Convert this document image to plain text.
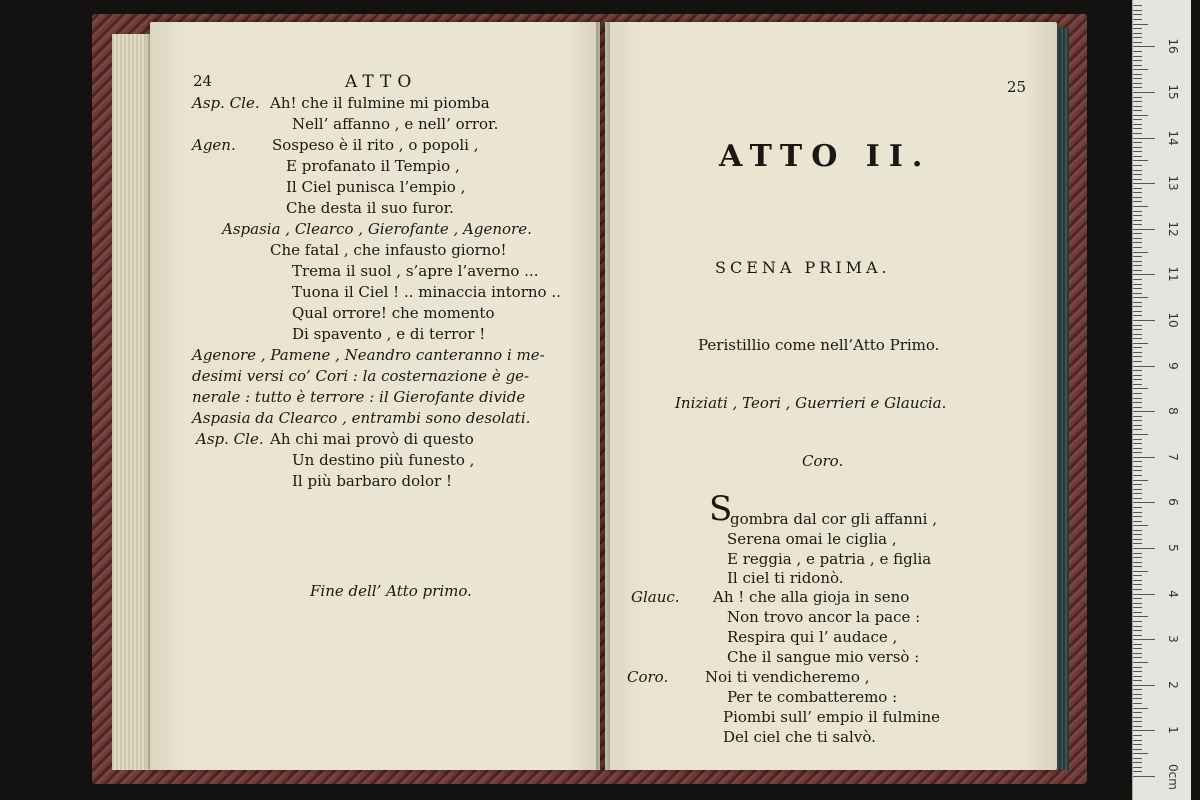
24	ATTO
Asp. Cle. Ah! che il fulmine mi piomba
Nell’ affanno , e nell’ orror.
Agen. Sospeso è il rito , o popoli ,
E profanato il Tempio ,
Il Ciel punisca l’empio ,
Che desta il suo furor.
Aspasia , Clearco , Gierofante , Agenore.
Che fatal , che infausto giorno!
Trema il suol , s’apre l’averno ...
Tuona il Ciel ! .. minaccia intorno ..
Qual orrore! che momento
Di spavento , e di terror !
Agenore , Pamene , Neandro canteranno i me-
desimi versi co’ Cori : la costernazione è ge-
nerale : tutto è terrore : il Gierofante divide
Aspasia da Clearco , entrambi sono desolati.
Asp. Cle. Ah chi mai provò di questo
Un destino più funesto ,
Il più barbaro dolor !
Fine dell’ Atto primo.
25
ATTO II.
SCENA PRIMA.
Peristillio come nell’Atto Primo.
Iniziati , Teori , Guerrieri e Glaucia.
Coro.
S
gombra dal cor gli affanni ,
Serena omai le ciglia ,
E reggia , e patria , e figlia
Il ciel ti ridonò.
Glauc. Ah ! che alla gioja in seno
Non trovo ancor la pace :
Respira qui l’ audace ,
Che il sangue mio versò :
Coro. Noi ti vendicheremo ,
Per te combatteremo :
Piombi sull’ empio il fulmine
Del ciel che ti salvò.
0cm
1
2
3
4
5
6
7
8
9
10
11
12
13
14
15
16
